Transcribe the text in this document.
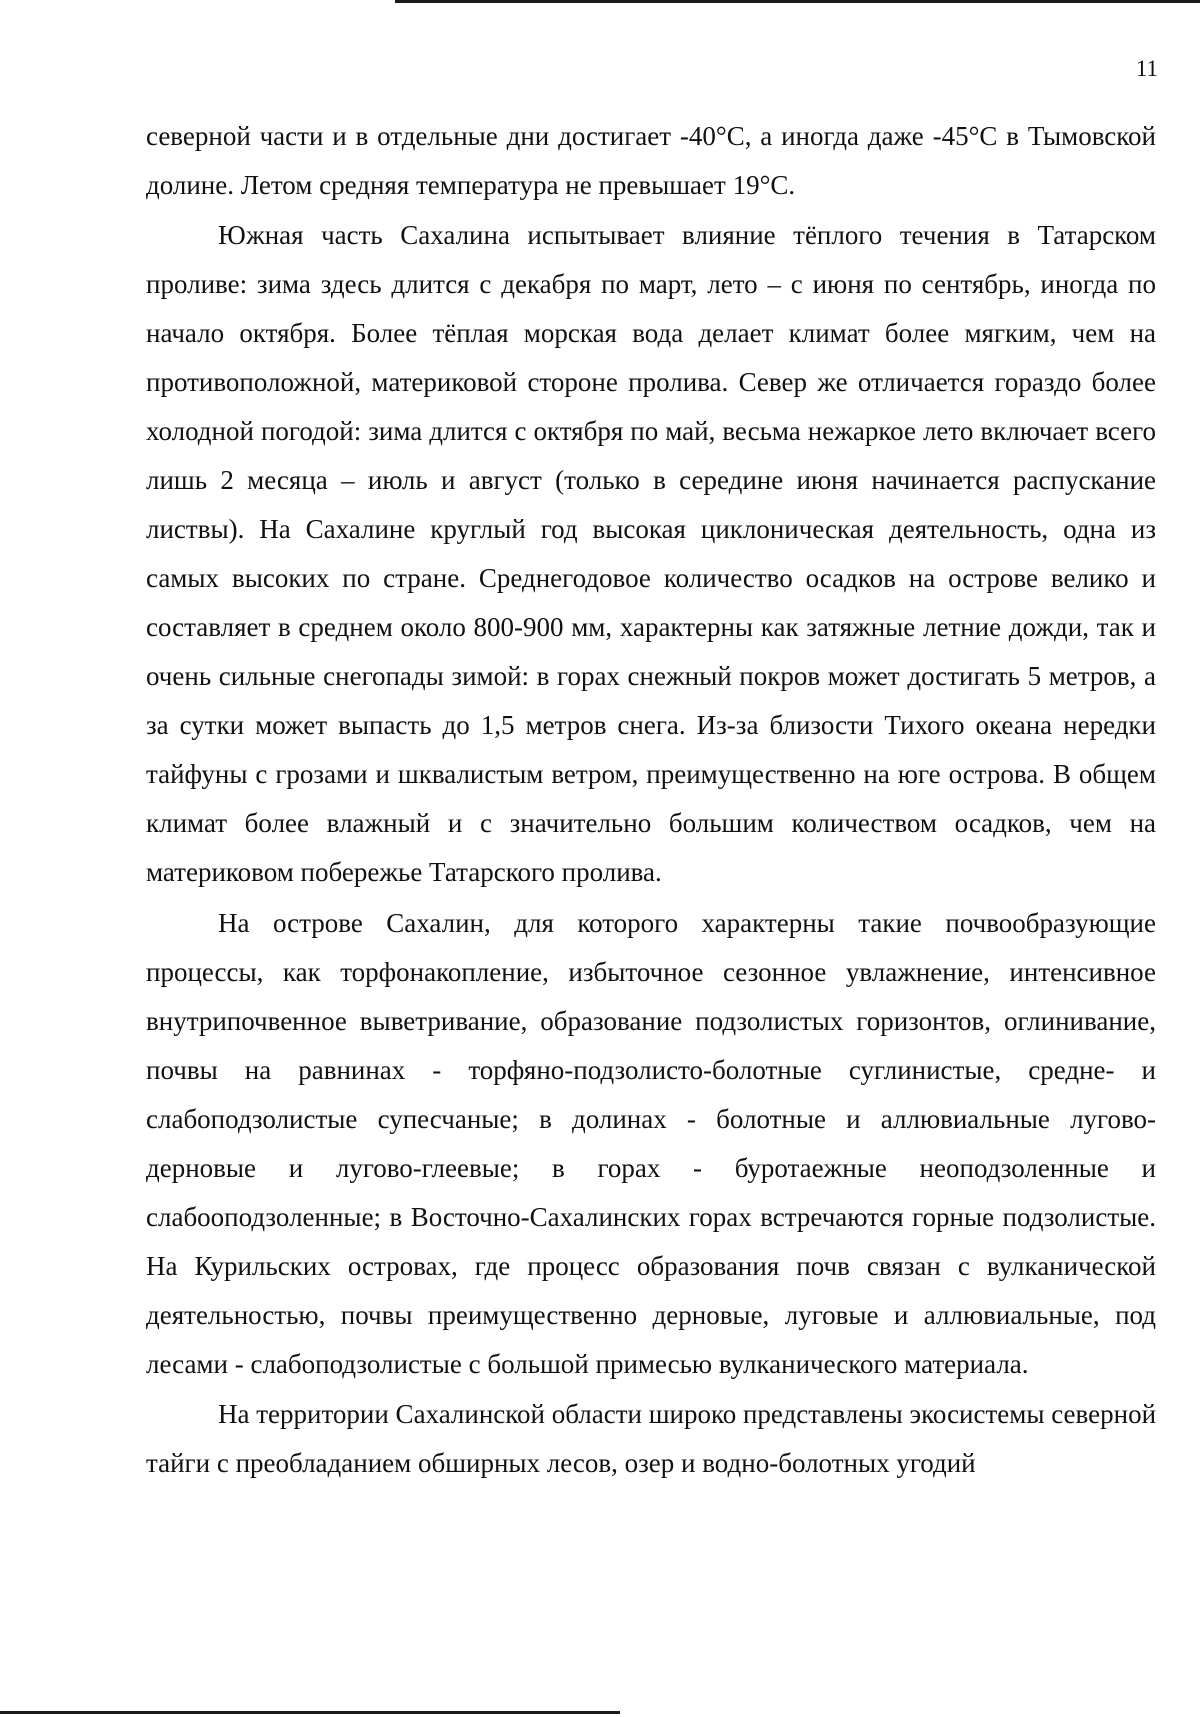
11

северной части и в отдельные дни достигает -40°С, а иногда даже -45°С в Тымовской долине. Летом средняя температура не превышает 19°С.

Южная часть Сахалина испытывает влияние тёплого течения в Татарском проливе: зима здесь длится с декабря по март, лето – с июня по сентябрь, иногда по начало октября. Более тёплая морская вода делает климат более мягким, чем на противоположной, материковой стороне пролива. Север же отличается гораздо более холодной погодой: зима длится с октября по май, весьма нежаркое лето включает всего лишь 2 месяца – июль и август (только в середине июня начинается распускание листвы). На Сахалине круглый год высокая циклоническая деятельность, одна из самых высоких по стране. Среднегодовое количество осадков на острове велико и составляет в среднем около 800-900 мм, характерны как затяжные летние дожди, так и очень сильные снегопады зимой: в горах снежный покров может достигать 5 метров, а за сутки может выпасть до 1,5 метров снега. Из-за близости Тихого океана нередки тайфуны с грозами и шквалистым ветром, преимущественно на юге острова. В общем климат более влажный и с значительно большим количеством осадков, чем на материковом побережье Татарского пролива.

На острове Сахалин, для которого характерны такие почвообразующие процессы, как торфонакопление, избыточное сезонное увлажнение, интенсивное внутрипочвенное выветривание, образование подзолистых горизонтов, оглинивание, почвы на равнинах - торфяно-подзолисто-болотные суглинистые, средне- и слабоподзолистые супесчаные; в долинах - болотные и аллювиальные лугово-дерновые и лугово-глеевые; в горах - буротаежные неоподзоленные и слабооподзоленные; в Восточно-Сахалинских горах встречаются горные подзолистые. На Курильских островах, где процесс образования почв связан с вулканической деятельностью, почвы преимущественно дерновые, луговые и аллювиальные, под лесами - слабоподзолистые с большой примесью вулканического материала.

На территории Сахалинской области широко представлены экосистемы северной тайги с преобладанием обширных лесов, озер и водно-болотных угодий
